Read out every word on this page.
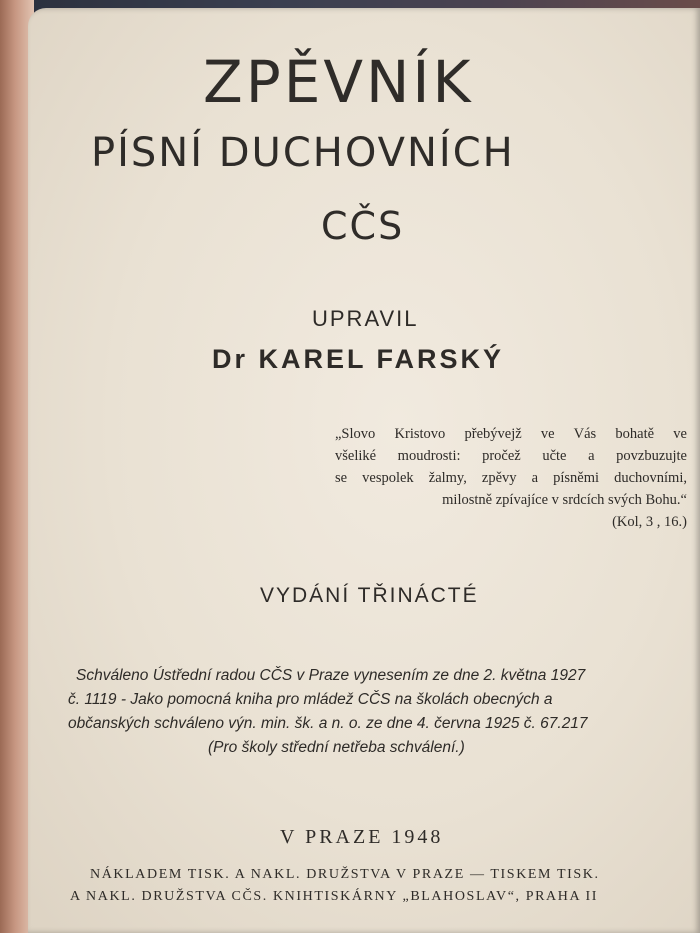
ZPĚVNÍK
PÍSNÍ DUCHOVNÍCH
CČS
UPRAVIL
Dr KAREL FARSKÝ
„Slovo Kristovo přebývejž ve Vás bohatě ve
všeliké moudrosti: pročež učte a povzbuzujte
se vespolek žalmy, zpěvy a písněmi duchovními,
milostně zpívajíce v srdcích svých Bohu.“
(Kol, 3 , 16.)
VYDÁNÍ TŘINÁCTÉ
Schváleno Ústřední radou CČS v Praze vynesením ze dne 2. května 1927
č. 1119 - Jako pomocná kniha pro mládež CČS na školách obecných a
občanských schváleno výn. min. šk. a n. o. ze dne 4. června 1925 č. 67.217
(Pro školy střední netřeba schválení.)
V PRAZE 1948
NÁKLADEM TISK. A NAKL. DRUŽSTVA V PRAZE — TISKEM TISK.
A NAKL. DRUŽSTVA CČS. KNIHTISKÁRNY „BLAHOSLAV“, PRAHA II
